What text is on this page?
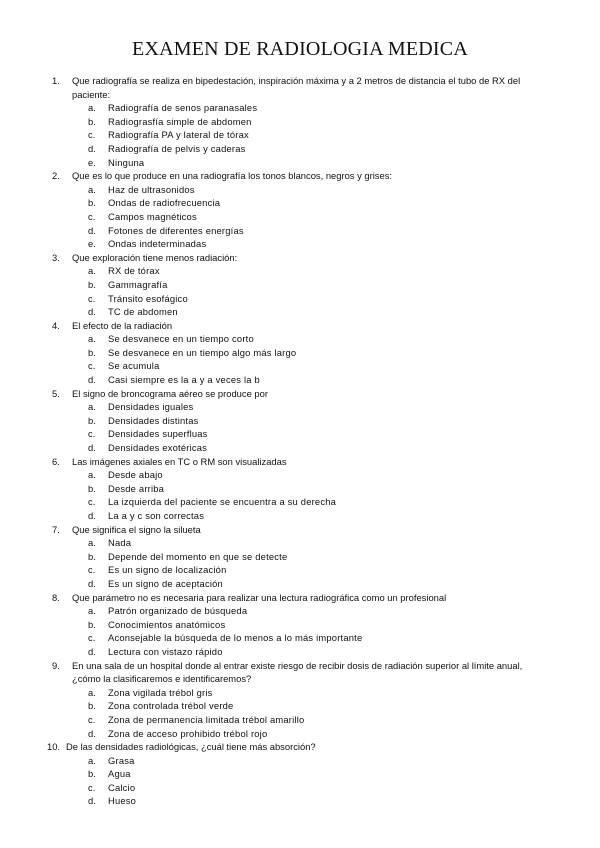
EXAMEN DE RADIOLOGIA MEDICA
1.	Que radiografía se realiza en bipedestación, inspiración máxima y a 2 metros de distancia el tubo de RX del paciente:
a.	Radiografía de senos paranasales
b.	Radiograsfía simple de abdomen
c.	Radiografía PA y lateral de tórax
d.	Radiografía de pelvis y caderas
e.	Ninguna
2.	Que es lo que produce en una radiografía los tonos blancos, negros y grises:
a.	Haz de ultrasonidos
b.	Ondas de radiofrecuencia
c.	Campos magnéticos
d.	Fotones de diferentes energías
e.	Ondas indeterminadas
3.	Que exploración tiene menos radiación:
a.	RX de tórax
b.	Gammagrafía
c.	Tránsito esofágico
d.	TC de abdomen
4.	El efecto de la radiación
a.	Se desvanece en un tiempo corto
b.	Se desvanece en un tiempo algo más largo
c.	Se acumula
d.	Casi siempre es la a y a veces la b
5.	El signo de broncograma aéreo se produce por
a.	Densidades iguales
b.	Densidades distintas
c.	Densidades superfluas
d.	Densidades exotéricas
6.	Las imágenes axiales en TC o RM son visualizadas
a.	Desde abajo
b.	Desde arriba
c.	La izquierda del paciente se encuentra a su derecha
d.	La a y c son correctas
7.	Que significa el signo la silueta
a.	Nada
b.	Depende del momento en que se detecte
c.	Es un signo de localización
d.	Es un signo de aceptación
8.	Que parámetro no es necesaria para realizar una lectura radiográfica como un profesional
a.	Patrón organizado de búsqueda
b.	Conocimientos anatómicos
c.	Aconsejable la búsqueda de lo menos a lo más importante
d.	Lectura con vistazo rápido
9.	En una sala de un hospital donde al entrar existe riesgo de recibir dosis de radiación superior al límite anual, ¿cómo la clasificaremos e identificaremos?
a.	Zona vigilada trébol gris
b.	Zona controlada trébol verde
c.	Zona de permanencia limitada trébol amarillo
d.	Zona de acceso prohibido trébol rojo
10. De las densidades radiológicas, ¿cuál tiene más absorción?
a.	Grasa
b.	Agua
c.	Calcio
d.	Hueso
